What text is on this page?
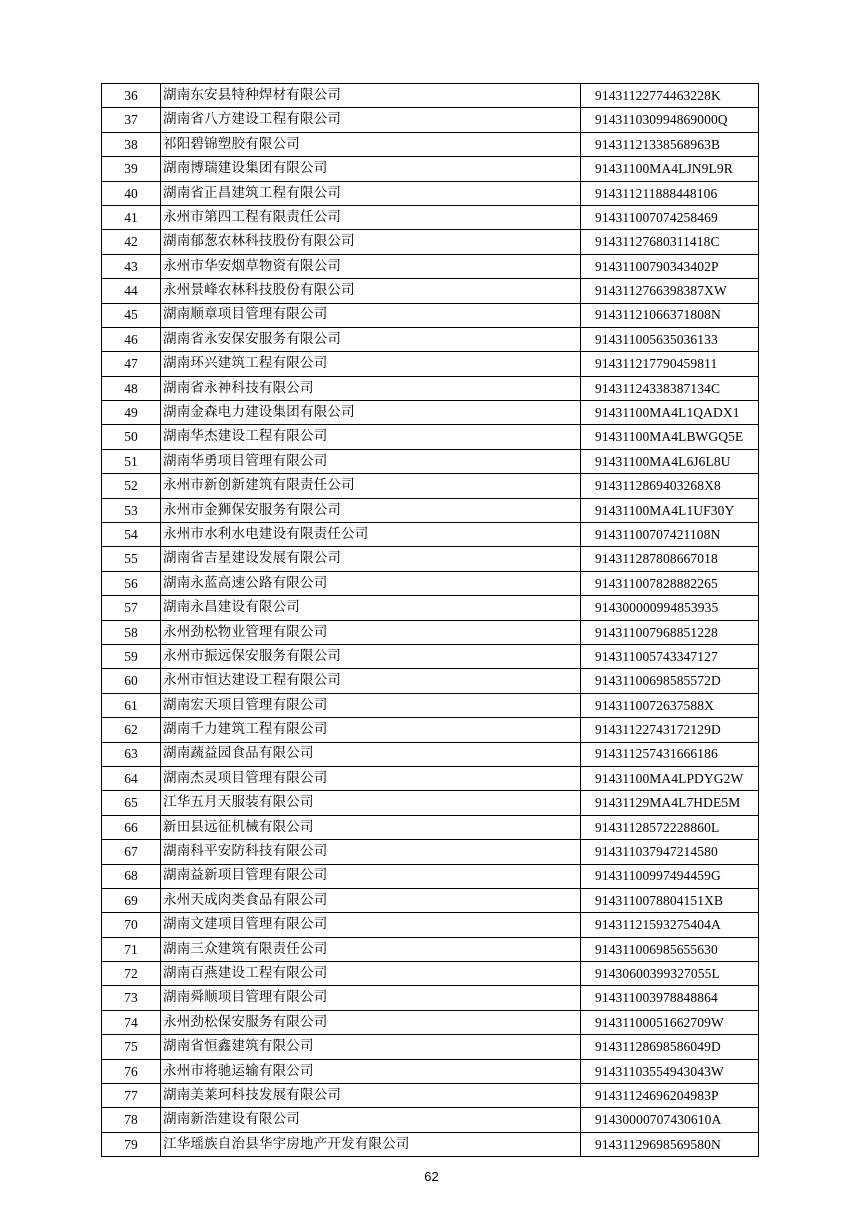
36	湖南东安县特种焊材有限公司	91431122774463228K
37	湖南省八方建设工程有限公司	914311030994869000Q
38	祁阳碧锦塑胶有限公司	91431121338568963B
39	湖南博瑞建设集团有限公司	91431100MA4LJN9L9R
40	湖南省正昌建筑工程有限公司	914311211888448106
41	永州市第四工程有限责任公司	914311007074258469
42	湖南郁葱农林科技股份有限公司	91431127680311418C
43	永州市华安烟草物资有限公司	91431100790343402P
44	永州景峰农林科技股份有限公司	9143112766398387XW
45	湖南顺章项目管理有限公司	91431121066371808N
46	湖南省永安保安服务有限公司	914311005635036133
47	湖南环兴建筑工程有限公司	914311217790459811
48	湖南省永神科技有限公司	91431124338387134C
49	湖南金森电力建设集团有限公司	91431100MA4L1QADX1
50	湖南华杰建设工程有限公司	91431100MA4LBWGQ5E
51	湖南华勇项目管理有限公司	91431100MA4L6J6L8U
52	永州市新创新建筑有限责任公司	9143112869403268X8
53	永州市金狮保安服务有限公司	91431100MA4L1UF30Y
54	永州市水利水电建设有限责任公司	91431100707421108N
55	湖南省吉星建设发展有限公司	914311287808667018
56	湖南永蓝高速公路有限公司	914311007828882265
57	湖南永昌建设有限公司	914300000994853935
58	永州劲松物业管理有限公司	914311007968851228
59	永州市振远保安服务有限公司	914311005743347127
60	永州市恒达建设工程有限公司	91431100698585572D
61	湖南宏天项目管理有限公司	9143110072637588X
62	湖南千力建筑工程有限公司	91431122743172129D
63	湖南蔬益园食品有限公司	914311257431666186
64	湖南杰灵项目管理有限公司	91431100MA4LPDYG2W
65	江华五月天服装有限公司	91431129MA4L7HDE5M
66	新田县远征机械有限公司	91431128572228860L
67	湖南科平安防科技有限公司	914311037947214580
68	湖南益新项目管理有限公司	91431100997494459G
69	永州天成肉类食品有限公司	9143110078804151XB
70	湖南文建项目管理有限公司	91431121593275404A
71	湖南三众建筑有限责任公司	914311006985655630
72	湖南百燕建设工程有限公司	91430600399327055L
73	湖南舜顺项目管理有限公司	914311003978848864
74	永州劲松保安服务有限公司	91431100051662709W
75	湖南省恒鑫建筑有限公司	91431128698586049D
76	永州市将驰运输有限公司	91431103554943043W
77	湖南美莱珂科技发展有限公司	91431124696204983P
78	湖南新浩建设有限公司	91430000707430610A
79	江华瑶族自治县华宇房地产开发有限公司	91431129698569580N
62
